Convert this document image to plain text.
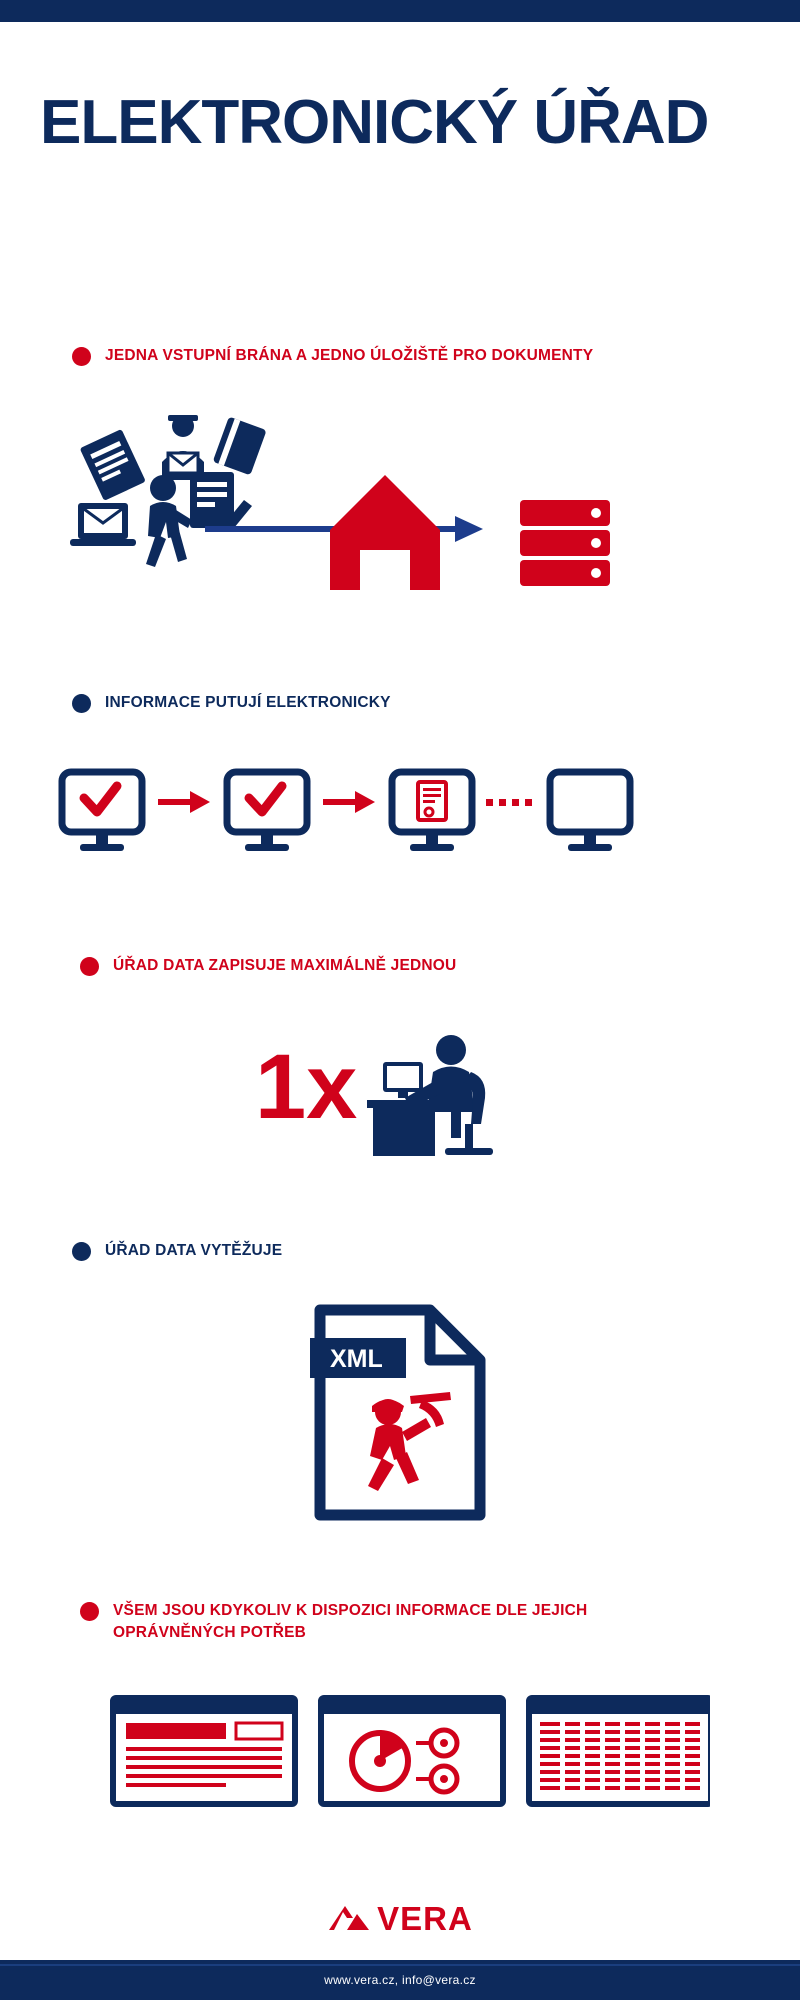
ELEKTRONICKÝ ÚŘAD
JEDNA VSTUPNÍ BRÁNA A JEDNO ÚLOŽIŠTĚ PRO DOKUMENTY
INFORMACE PUTUJÍ ELEKTRONICKY
ÚŘAD DATA ZAPISUJE MAXIMÁLNĚ JEDNOU
1x
ÚŘAD DATA VYTĚŽUJE
XML
VŠEM JSOU KDYKOLIV K DISPOZICI INFORMACE DLE JEJICH OPRÁVNĚNÝCH POTŘEB
VERA
www.vera.cz, info@vera.cz
